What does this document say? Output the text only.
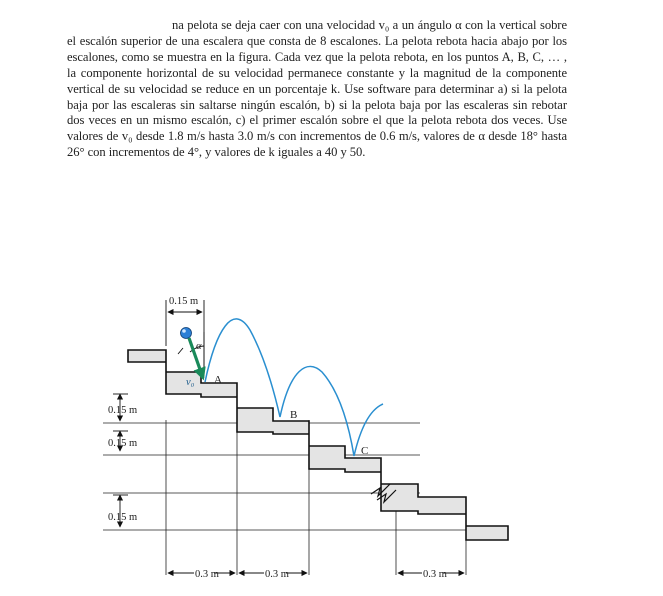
na pelota se deja caer con una velocidad v₀ a un ángulo α con la vertical sobre el escalón superior de una escalera que consta de 8 escalones. La pelota rebota hacia abajo por los escalones, como se muestra en la figura. Cada vez que la pelota rebota, en los puntos A, B, C, … , la componente horizontal de su velocidad permanece constante y la magnitud de la componente vertical de su velocidad se reduce en un porcentaje k. Use software para determinar a) si la pelota baja por las escaleras sin saltarse ningún escalón, b) si la pelota baja por las escaleras sin rebotar dos veces en un mismo escalón, c) el primer escalón sobre el que la pelota rebota dos veces. Use valores de v₀ desde 1.8 m/s hasta 3.0 m/s con incrementos de 0.6 m/s, valores de α desde 18° hasta 26° con incrementos de 4°, y valores de k iguales a 40 y 50.

0.15 m
α
v₀ A
B
C
0.15 m
0.15 m
0.15 m
0.3 m	0.3 m	0.3 m
